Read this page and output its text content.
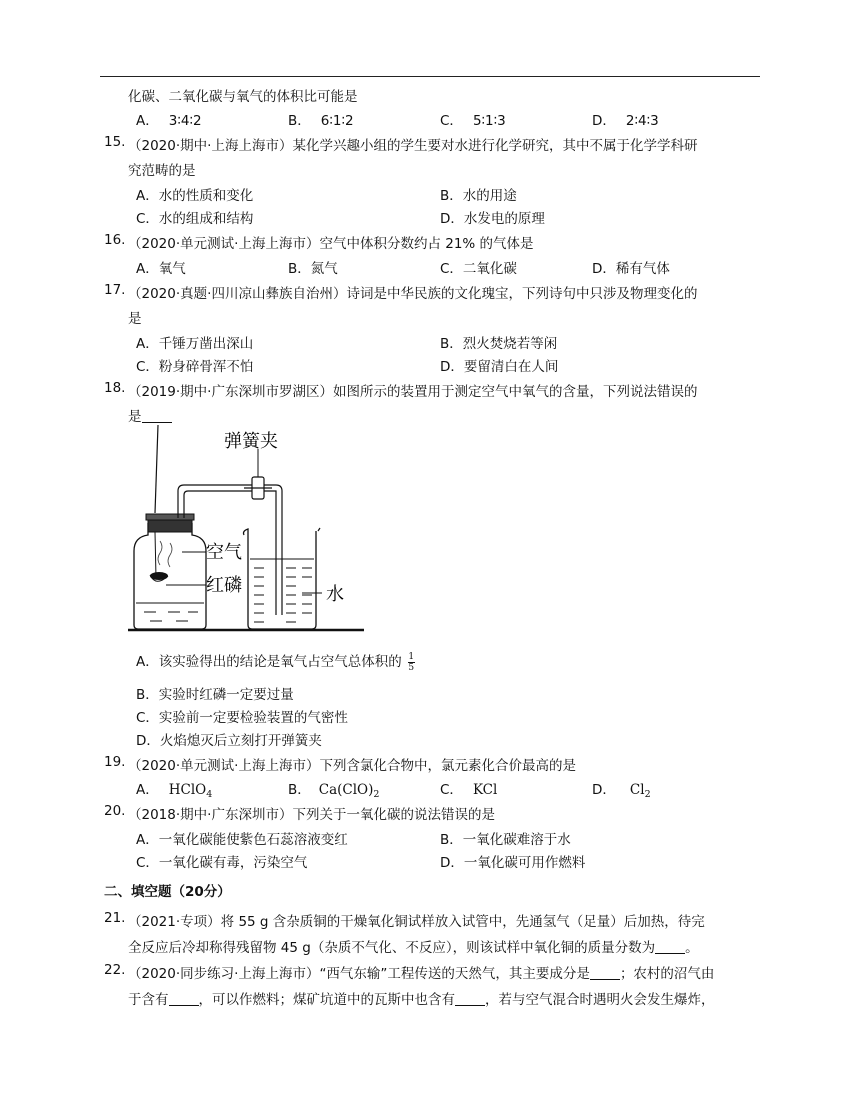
化碳、二氧化碳与氧气的体积比可能是
A． 3∶4∶2	B． 6∶1∶2	C． 5∶1∶3	D． 2∶4∶3
15. （2020·期中·上海上海市）某化学兴趣小组的学生要对水进行化学研究，其中不属于化学学科研
究范畴的是
A．水的性质和变化	B．水的用途
C．水的组成和结构	D．水发电的原理
16. （2020·单元测试·上海上海市）空气中体积分数约占 21% 的气体是
A．氧气	B．氮气	C．二氧化碳	D．稀有气体
17. （2020·真题·四川凉山彝族自治州）诗词是中华民族的文化瑰宝，下列诗句中只涉及物理变化的
是
A．千锤万凿出深山	B．烈火焚烧若等闲
C．粉身碎骨浑不怕	D．要留清白在人间
18. （2019·期中·广东深圳市罗湖区）如图所示的装置用于测定空气中氧气的含量，下列说法错误的
是
空气
红磷
弹簧夹
水
A．该实验得出的结论是氧气占空气总体积的 $\frac{1}{5}$
B．实验时红磷一定要过量
C．实验前一定要检验装置的气密性
D．火焰熄灭后立刻打开弹簧夹
19. （2020·单元测试·上海上海市）下列含氯化合物中，氯元素化合价最高的是
A． HClO$_4$	B． $Ca(ClO)_2$	C． KCl	D． $Cl_2$
20. （2018·期中·广东深圳市）下列关于一氧化碳的说法错误的是
A．一氧化碳能使紫色石蕊溶液变红	B．一氧化碳难溶于水
C．一氧化碳有毒，污染空气	D．一氧化碳可用作燃料
二、填空题（20分）
21. （2021·专项）将 55 g 含杂质铜的干燥氧化铜试样放入试管中，先通氢气（足量）后加热，待完
全反应后冷却称得残留物 45 g（杂质不气化、不反应），则该试样中氧化铜的质量分数为 。
22. （2020·同步练习·上海上海市）“西气东输”工程传送的天然气，其主要成分是 ；农村的沼气由
于含有 ，可以作燃料；煤矿坑道中的瓦斯中也含有 ，若与空气混合时遇明火会发生爆炸，
